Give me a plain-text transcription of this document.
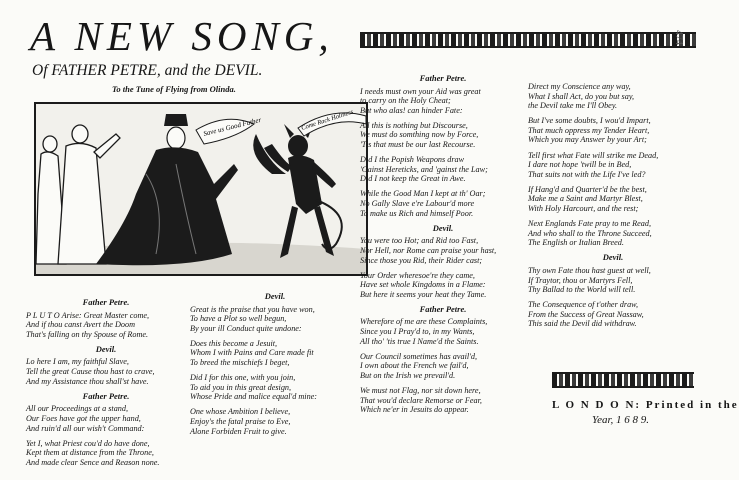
A NEW SONG,
Of FATHER PETRE, and the DEVIL.
To the Tune of Flying from Olinda.
474
Save us Good Father	Come Rack Holiness
Father Petre.
P L U T O Arise: Great Master come,
And if thou canst Avert the Doom
That's falling on thy Spouse of Rome.
Devil.
Lo here I am, my faithful Slave,
Tell the great Cause thou hast to crave,
And my Assistance thou shall'st have.
Father Petre.
All our Proceedings at a stand,
Our Foes have got the upper hand,
And ruin'd all our wish't Command:
Yet I, what Priest cou'd do have done,
Kept them at distance from the Throne,
And made clear Sence and Reason none.
Devil.
Great is the praise that you have won,
To have a Plot so well begun,
By your ill Conduct quite undone:
Does this become a Jesuit,
Whom I with Pains and Care made fit
To breed the mischiefs I beget,
Did I for this one, with you join,
To aid you in this great design,
Whose Pride and malice equal'd mine:
One whose Ambition I believe,
Enjoy's the fatal praise to Eve,
Alone Forbiden Fruit to give.
Father Petre.
I needs must own your Aid was great
to carry on the Holy Cheat;
But who alas! can hinder Fate:
All this is nothing but Discourse,
We must do somthing now by Force,
'Tis that must be our last Recourse.
Did I the Popish Weapons draw
'Gainst Hereticks, and 'gainst the Law;
Did I not keep the Great in Awe.
While the Good Man I kept at th' Oar;
No Gally Slave e're Labour'd more
To make us Rich and himself Poor.
Devil.
You were too Hot; and Rid too Fast,
Nor Hell, nor Rome can praise your hast,
Since those you Rid, their Rider cast;
Your Order wheresoe're they came,
Have set whole Kingdoms in a Flame:
But here it seems your heat they Tame.
Father Petre.
Wherefore of me are these Complaints,
Since you I Pray'd to, in my Wants,
All tho' 'tis true I Name'd the Saints.
Our Council sometimes has avail'd,
I own about the French we fail'd,
But on the Irish we prevail'd.
We must not Flag, nor sit down here,
That wou'd declare Remorse or Fear,
Which ne'er in Jesuits do appear.
Direct my Conscience any way,
What I shall Act, do you but say,
the Devil take me I'll Obey.
But I've some doubts, I wou'd Impart,
That much oppress my Tender Heart,
Which you may Answer by your Art;
Tell first what Fate will strike me Dead,
I dare not hope 'twill be in Bed,
That suits not with the Life I've led?
If Hang'd and Quarter'd be the best,
Make me a Saint and Martyr Blest,
With Holy Harcourt, and the rest;
Next Englands Fate pray to me Read,
And who shall to the Throne Succeed,
The English or Italian Breed.
Devil.
Thy own Fate thou hast guest at well,
If Traytor, thou or Martyrs Fell,
Thy Ballad to the World will tell.
The Consequence of t'other draw,
From the Success of Great Nassaw,
This said the Devil did withdraw.
L O N D O N: Printed in the
Year, 1 6 8 9.
